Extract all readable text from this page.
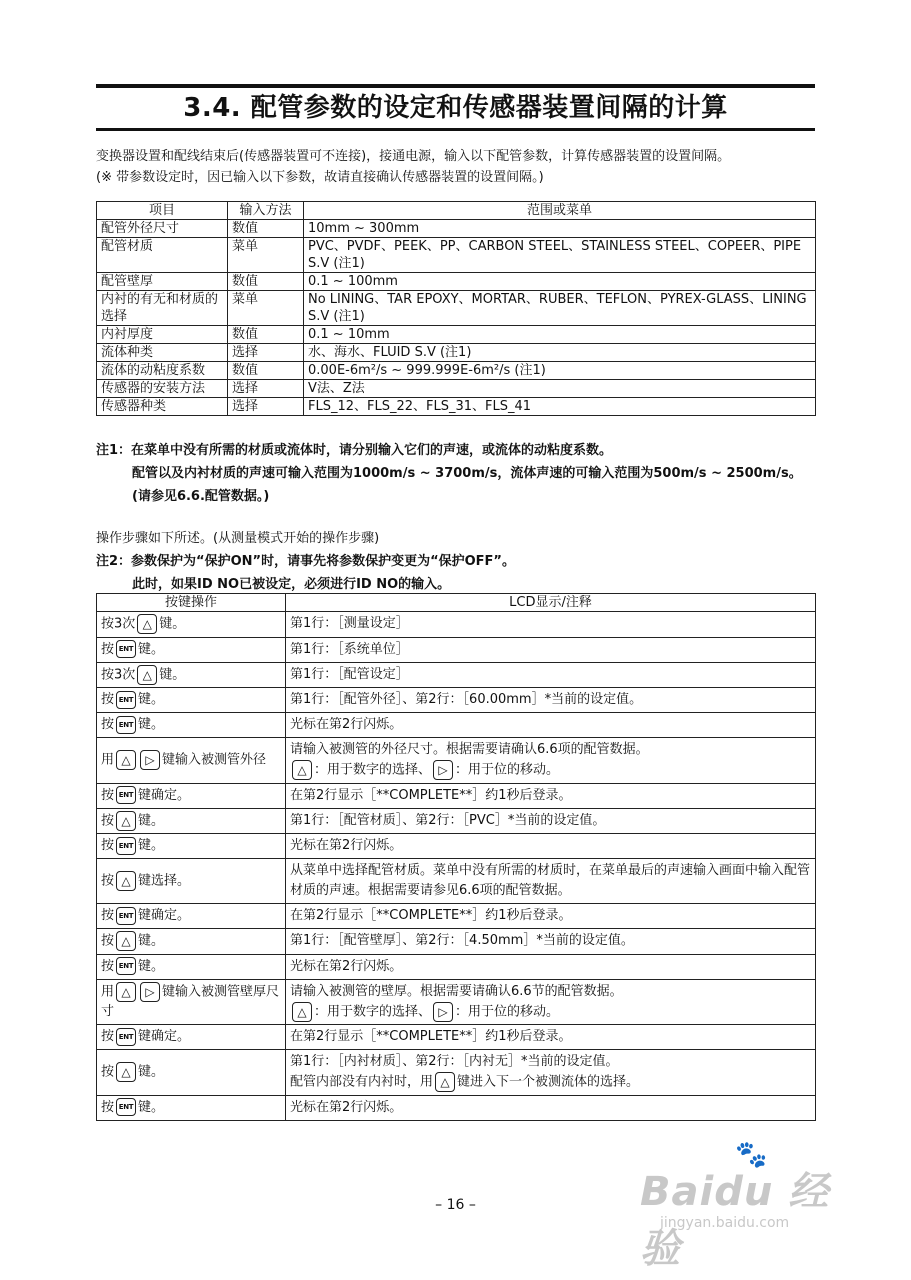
3.4. 配管参数的设定和传感器装置间隔的计算
变换器设置和配线结束后(传感器装置可不连接)，接通电源，输入以下配管参数，计算传感器装置的设置间隔。
(※ 带参数设定时，因已输入以下参数，故请直接确认传感器装置的设置间隔。)
项目	输入方法	范围或菜单
配管外径尺寸	数值	10mm ~ 300mm
配管材质	菜单	PVC、PVDF、PEEK、PP、CARBON STEEL、STAINLESS STEEL、COPEER、PIPE S.V (注1)
配管壁厚	数值	0.1 ~ 100mm
内衬的有无和材质的选择	菜单	No LINING、TAR EPOXY、MORTAR、RUBER、TEFLON、PYREX-GLASS、LINING S.V (注1)
内衬厚度	数值	0.1 ~ 10mm
流体种类	选择	水、海水、FLUID S.V (注1)
流体的动粘度系数	数值	0.00E-6m²/s ~ 999.999E-6m²/s (注1)
传感器的安装方法	选择	V法、Z法
传感器种类	选择	FLS_12、FLS_22、FLS_31、FLS_41
注1：在菜单中没有所需的材质或流体时，请分别输入它们的声速，或流体的动粘度系数。
配管以及内衬材质的声速可输入范围为1000m/s ~ 3700m/s，流体声速的可输入范围为500m/s ~ 2500m/s。
(请参见6.6.配管数据。)
操作步骤如下所述。(从测量模式开始的操作步骤)
注2：参数保护为“保护ON”时，请事先将参数保护变更为“保护OFF”。
此时，如果ID NO已被设定，必须进行ID NO的输入。
按键操作	LCD显示/注释
按3次 △ 键。	第1行：［测量设定］
按 ENT 键。	第1行：［系统单位］
按3次 △ 键。	第1行：［配管设定］
按 ENT 键。	第1行：［配管外径］、第2行：［60.00mm］*当前的设定值。
按 ENT 键。	光标在第2行闪烁。
用 △ ▷ 键输入被测管外径	请输入被测管的外径尺寸。根据需要请确认6.6项的配管数据。
△ ：用于数字的选择、 ▷ ：用于位的移动。

按 ENT 键确定。	在第2行显示［**COMPLETE**］约1秒后登录。
按 △ 键。	第1行：［配管材质］、第2行：［PVC］*当前的设定值。
按 ENT 键。	光标在第2行闪烁。
按 △ 键选择。	从菜单中选择配管材质。菜单中没有所需的材质时，在菜单最后的声速输入画面中输入配管材质的声速。根据需要请参见6.6项的配管数据。
按 ENT 键确定。	在第2行显示［**COMPLETE**］约1秒后登录。
按 △ 键。	第1行：［配管壁厚］、第2行：［4.50mm］*当前的设定值。
按 ENT 键。	光标在第2行闪烁。
用 △ ▷ 键输入被测管壁厚尺寸	请输入被测管的壁厚。根据需要请确认6.6节的配管数据。
△ ：用于数字的选择、 ▷ ：用于位的移动。

按 ENT 键确定。	在第2行显示［**COMPLETE**］约1秒后登录。
按 △ 键。	第1行：［内衬材质］、第2行：［内衬无］*当前的设定值。
配管内部没有内衬时，用 △ 键进入下一个被测流体的选择。

按 ENT 键。	光标在第2行闪烁。
– 16 –
🐾
Baidu 经验
jingyan.baidu.com
